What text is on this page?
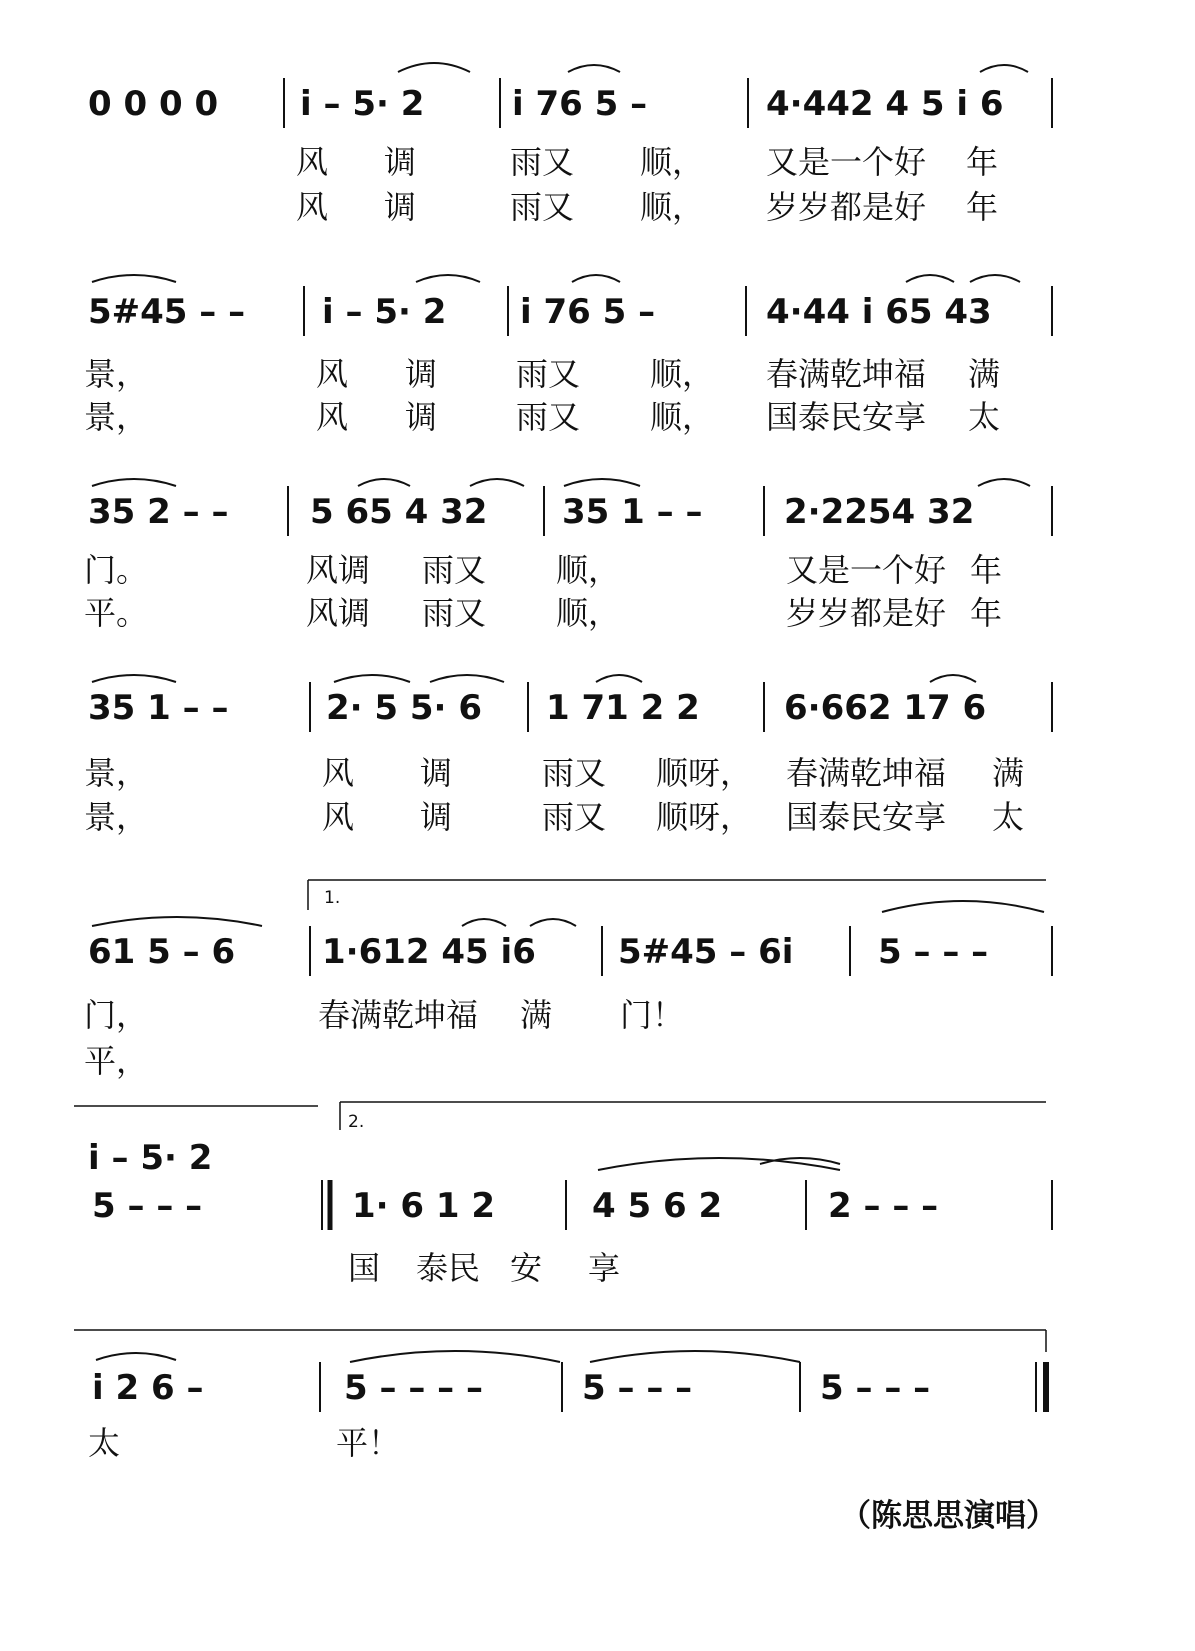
0 0 0 0 i – 5· 2	i 76 5 –	4·442 4 5 i 6
风 调	雨又 顺， 又是一个好 年
风 调	雨又 顺， 岁岁都是好 年
5#45 – – i – 5· 2 i 76 5 –	4·44 i 65 43
景，	风 调 雨又 顺， 春满乾坤福 满
景，	风 调 雨又 顺， 国泰民安享 太
35 2 – – 5 65 4 32 35 1 – – 2·2254 32
门。	风调 雨又 顺，	又是一个好 年
平。	风调 雨又 顺，	岁岁都是好 年
35 1 – –	2· 5 5· 6 1 71 2 2 6·662 17 6
景，	风 调	雨又 顺呀， 春满乾坤福 满
景，	风 调	雨又 顺呀， 国泰民安享 太
1.
61 5 – 6	1·612 45 i6 5#45 – 6i 5 – – –
门，	春满乾坤福 满 门！
平，
2.
i – 5· 2
5 – – –	1· 6 1 2	4 5 6 2	2 – – –
国 泰民 安 享
i 2 6 –	5 – – – –	5 – – –	5 – – –
太	平！
（陈思思演唱）
